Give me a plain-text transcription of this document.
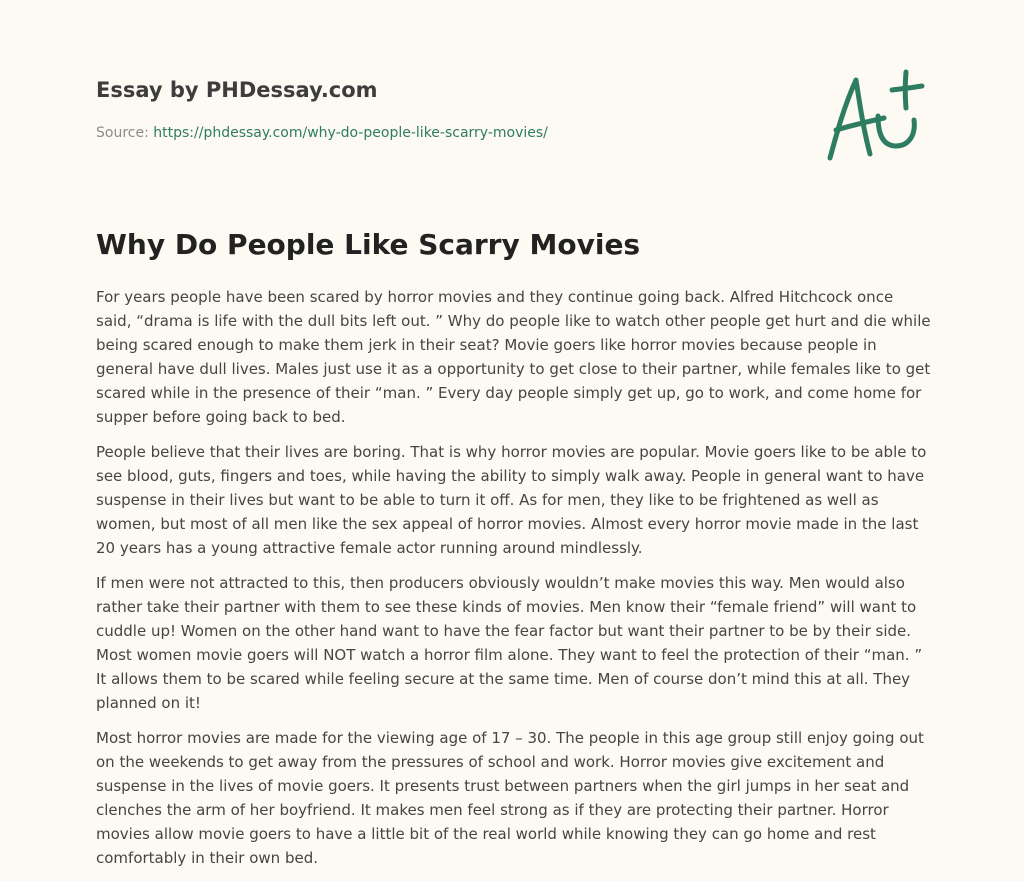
Essay by PHDessay.com
Source: https://phdessay.com/why-do-people-like-scarry-movies/
Why Do People Like Scarry Movies

For years people have been scared by horror movies and they continue going back. Alfred Hitchcock once said, “drama is life with the dull bits left out. ” Why do people like to watch other people get hurt and die while being scared enough to make them jerk in their seat? Movie goers like horror movies because people in general have dull lives. Males just use it as a opportunity to get close to their partner, while females like to get scared while in the presence of their “man. ” Every day people simply get up, go to work, and come home for supper before going back to bed.

People believe that their lives are boring. That is why horror movies are popular. Movie goers like to be able to see blood, guts, fingers and toes, while having the ability to simply walk away. People in general want to have suspense in their lives but want to be able to turn it off. As for men, they like to be frightened as well as women, but most of all men like the sex appeal of horror movies. Almost every horror movie made in the last 20 years has a young attractive female actor running around mindlessly.

If men were not attracted to this, then producers obviously wouldn’t make movies this way. Men would also rather take their partner with them to see these kinds of movies. Men know their “female friend” will want to cuddle up! Women on the other hand want to have the fear factor but want their partner to be by their side. Most women movie goers will NOT watch a horror film alone. They want to feel the protection of their “man. ” It allows them to be scared while feeling secure at the same time. Men of course don’t mind this at all. They planned on it!

Most horror movies are made for the viewing age of 17 – 30. The people in this age group still enjoy going out on the weekends to get away from the pressures of school and work. Horror movies give excitement and suspense in the lives of movie goers. It presents trust between partners when the girl jumps in her seat and clenches the arm of her boyfriend. It makes men feel strong as if they are protecting their partner. Horror movies allow movie goers to have a little bit of the real world while knowing they can go home and rest comfortably in their own bed.
